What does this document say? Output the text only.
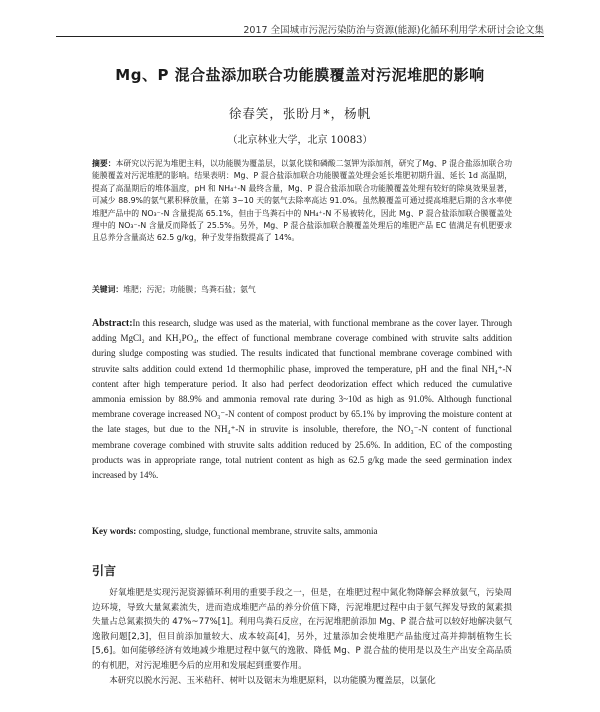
2017 全国城市污泥污染防治与资源(能源)化循环利用学术研讨会论文集
Mg、P 混合盐添加联合功能膜覆盖对污泥堆肥的影响
徐春笑，张盼月*，杨帆
（北京林业大学，北京 10083）
摘要：本研究以污泥为堆肥主料，以功能膜为覆盖层，以氯化镁和磷酸二氢钾为添加剂，研究了Mg、P 混合盐添加联合功能膜覆盖对污泥堆肥的影响。结果表明：Mg、P 混合盐添加联合功能膜覆盖处理会延长堆肥初期升温、延长 1d 高温期，提高了高温期后的堆体温度，pH 和 NH₄⁺-N 最终含量，Mg、P 混合盐添加联合功能膜覆盖处理有较好的除臭效果显著，可减少 88.9%的氨气累积释放量，在第 3~10 天的氨气去除率高达 91.0%。虽然膜覆盖可通过提高堆肥后期的含水率使堆肥产品中的 NO₃⁻-N 含量提高 65.1%，但由于鸟粪石中的 NH₄⁺-N 不易被转化，因此 Mg、P 混合盐添加联合膜覆盖处理中的 NO₃⁻-N 含量反而降低了 25.5%。另外，Mg、P 混合盐添加联合膜覆盖处理后的堆肥产品 EC 值满足有机肥要求且总养分含量高达 62.5 g/kg，种子发芽指数提高了 14%。
关键词：堆肥；污泥；功能膜；鸟粪石盐；氨气
Abstract:In this research, sludge was used as the material, with functional membrane as the cover layer. Through adding MgCl₂ and KH₂PO₄, the effect of functional membrane coverage combined with struvite salts addition during sludge composting was studied. The results indicated that functional membrane coverage combined with struvite salts addition could extend 1d thermophilic phase, improved the temperature, pH and the final NH₄⁺-N content after high temperature period. It also had perfect deodorization effect which reduced the cumulative ammonia emission by 88.9% and ammonia removal rate during 3~10d as high as 91.0%. Although functional membrane coverage increased NO₃⁻-N content of compost product by 65.1% by improving the moisture content at the late stages, but due to the NH₄⁺-N in struvite is insoluble, therefore, the NO₃⁻-N content of functional membrane coverage combined with struvite salts addition reduced by 25.6%. In addition, EC of the composting products was in appropriate range, total nutrient content as high as 62.5 g/kg made the seed germination index increased by 14%.
Key words: composting, sludge, functional membrane, struvite salts, ammonia
引言

好氧堆肥是实现污泥资源循环利用的重要手段之一，但是，在堆肥过程中氮化物降解会释放氨气，污染周边环境，导致大量氮素流失，进而造成堆肥产品的养分价值下降，污泥堆肥过程中由于氨气挥发导致的氮素损失量占总氮素损失的 47%~77%[1]。利用鸟粪石反应，在污泥堆肥前添加 Mg、P 混合盐可以较好地解决氨气逸散问题[2,3]，但目前添加量较大、成本较高[4]，另外，过量添加会使堆肥产品盐度过高并抑制植物生长[5,6]。如何能够经济有效地减少堆肥过程中氨气的逸散、降低 Mg、P 混合盐的使用是以及生产出安全高品质的有机肥，对污泥堆肥今后的应用和发展起到重要作用。

本研究以脱水污泥、玉米秸秆、树叶以及锯末为堆肥原料，以功能膜为覆盖层，以氯化
